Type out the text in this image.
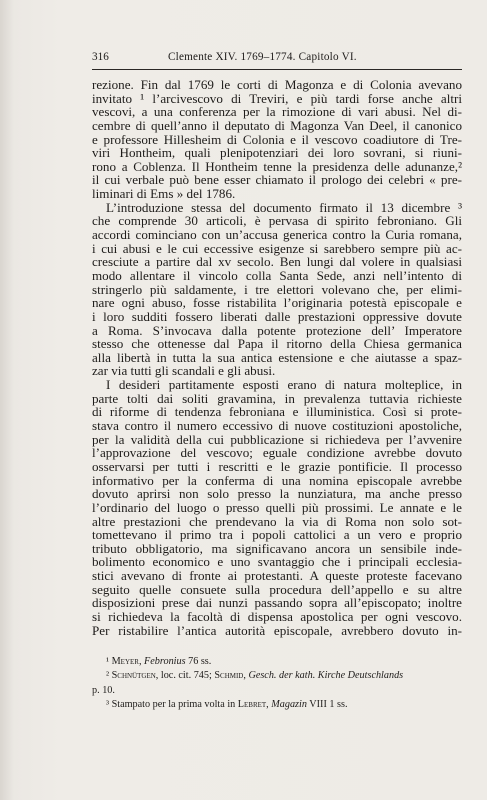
316	Clemente XIV. 1769–1774. Capitolo VI.
rezione. Fin dal 1769 le corti di Magonza e di Colonia avevano
invitato ¹ l’arcivescovo di Treviri, e più tardi forse anche altri
vescovi, a una conferenza per la rimozione di vari abusi. Nel di-
cembre di quell’anno il deputato di Magonza Van Deel, il canonico
e professore Hillesheim di Colonia e il vescovo coadiutore di Tre-
viri Hontheim, quali plenipotenziari dei loro sovrani, si riuni-
rono a Coblenza. Il Hontheim tenne la presidenza delle adunanze,²
il cui verbale può bene esser chiamato il prologo dei celebri « pre-
liminari di Ems » del 1786.
L’introduzione stessa del documento firmato il 13 dicembre ³
che comprende 30 articoli, è pervasa di spirito febroniano. Gli
accordi cominciano con un’accusa generica contro la Curia romana,
i cui abusi e le cui eccessive esigenze si sarebbero sempre più ac-
cresciute a partire dal xv secolo. Ben lungi dal volere in qualsiasi
modo allentare il vincolo colla Santa Sede, anzi nell’intento di
stringerlo più saldamente, i tre elettori volevano che, per elimi-
nare ogni abuso, fosse ristabilita l’originaria potestà episcopale e
i loro sudditi fossero liberati dalle prestazioni oppressive dovute
a Roma. S’invocava dalla potente protezione dell’ Imperatore
stesso che ottenesse dal Papa il ritorno della Chiesa germanica
alla libertà in tutta la sua antica estensione e che aiutasse a spaz-
zar via tutti gli scandali e gli abusi.
I desideri partitamente esposti erano di natura molteplice, in
parte tolti dai soliti gravamina, in prevalenza tuttavia richieste
di riforme di tendenza febroniana e illuministica. Così si prote-
stava contro il numero eccessivo di nuove costituzioni apostoliche,
per la validità della cui pubblicazione si richiedeva per l’avvenire
l’approvazione del vescovo; eguale condizione avrebbe dovuto
osservarsi per tutti i rescritti e le grazie pontificie. Il processo
informativo per la conferma di una nomina episcopale avrebbe
dovuto aprirsi non solo presso la nunziatura, ma anche presso
l’ordinario del luogo o presso quelli più prossimi. Le annate e le
altre prestazioni che prendevano la via di Roma non solo sot-
tomettevano il primo tra i popoli cattolici a un vero e proprio
tributo obbligatorio, ma significavano ancora un sensibile inde-
bolimento economico e uno svantaggio che i principali ecclesia-
stici avevano di fronte ai protestanti. A queste proteste facevano
seguito quelle consuete sulla procedura dell’appello e su altre
disposizioni prese dai nunzi passando sopra all’episcopato; inoltre
si richiedeva la facoltà di dispensa apostolica per ogni vescovo.
Per ristabilire l’antica autorità episcopale, avrebbero dovuto in-
¹ Meyer, Febronius 76 ss.
² Schnütgen, loc. cit. 745; Schmid, Gesch. der kath. Kirche Deutschlands
p. 10.
³ Stampato per la prima volta in Lebret, Magazin VIII 1 ss.
